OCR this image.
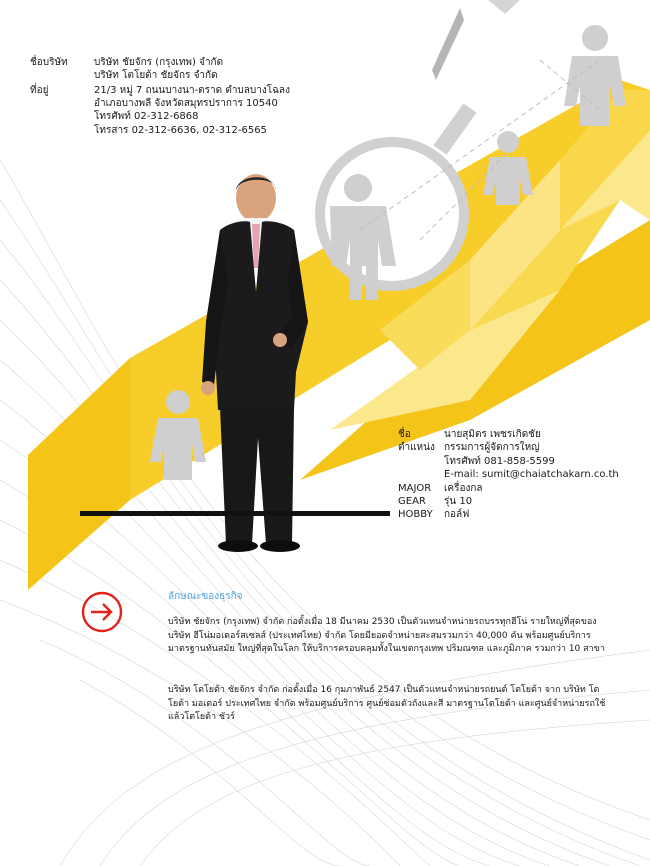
ชื่อบริษัท	บริษัท ชัยจักร (กรุงเทพ) จำกัด
บริษัท โตโยต้า ชัยจักร จำกัด
ที่อยู่	21/3 หมู่ 7 ถนนบางนา-ตราด ตำบลบางโฉลง
อำเภอบางพลี จังหวัดสมุทรปราการ 10540
โทรศัพท์ 02-312-6868
โทรสาร 02-312-6636, 02-312-6565
ชื่อ	นายสุมิตร เพชรเกิดชัย
ตำแหน่ง กรรมการผู้จัดการใหญ่
โทรศัพท์ 081-858-5599
E-mail: sumit@chaiatchakarn.co.th
MAJOR	เครื่องกล
GEAR	รุ่น 10
HOBBY	กอล์ฟ
ลักษณะของธุรกิจ
บริษัท ชัยจักร (กรุงเทพ) จำกัด ก่อตั้งเมื่อ 18 มีนาคม 2530 เป็นตัวแทนจำหน่ายรถบรรทุกฮีโน่ รายใหญ่ที่สุดของบริษัท ฮีโน่มอเตอร์สเซลส์ (ประเทศไทย) จำกัด โดยมียอดจำหน่ายสะสมรวมกว่า 40,000 คัน พร้อมศูนย์บริการมาตรฐานทันสมัย ใหญ่ที่สุดในโลก ให้บริการครอบคลุมทั้งในเขตกรุงเทพ ปริมณฑล และภูมิภาค รวมกว่า 10 สาขา
บริษัท โตโยต้า ชัยจักร จำกัด ก่อตั้งเมื่อ 16 กุมภาพันธ์ 2547 เป็นตัวแทนจำหน่ายรถยนต์ โตโยต้า จาก บริษัท โตโยต้า มอเตอร์ ประเทศไทย จำกัด พร้อมศูนย์บริการ ศูนย์ซ่อมตัวถังและสี มาตรฐานโตโยต้า และศูนย์จำหน่ายรถใช้แล้วโตโยต้า ชัวร์
